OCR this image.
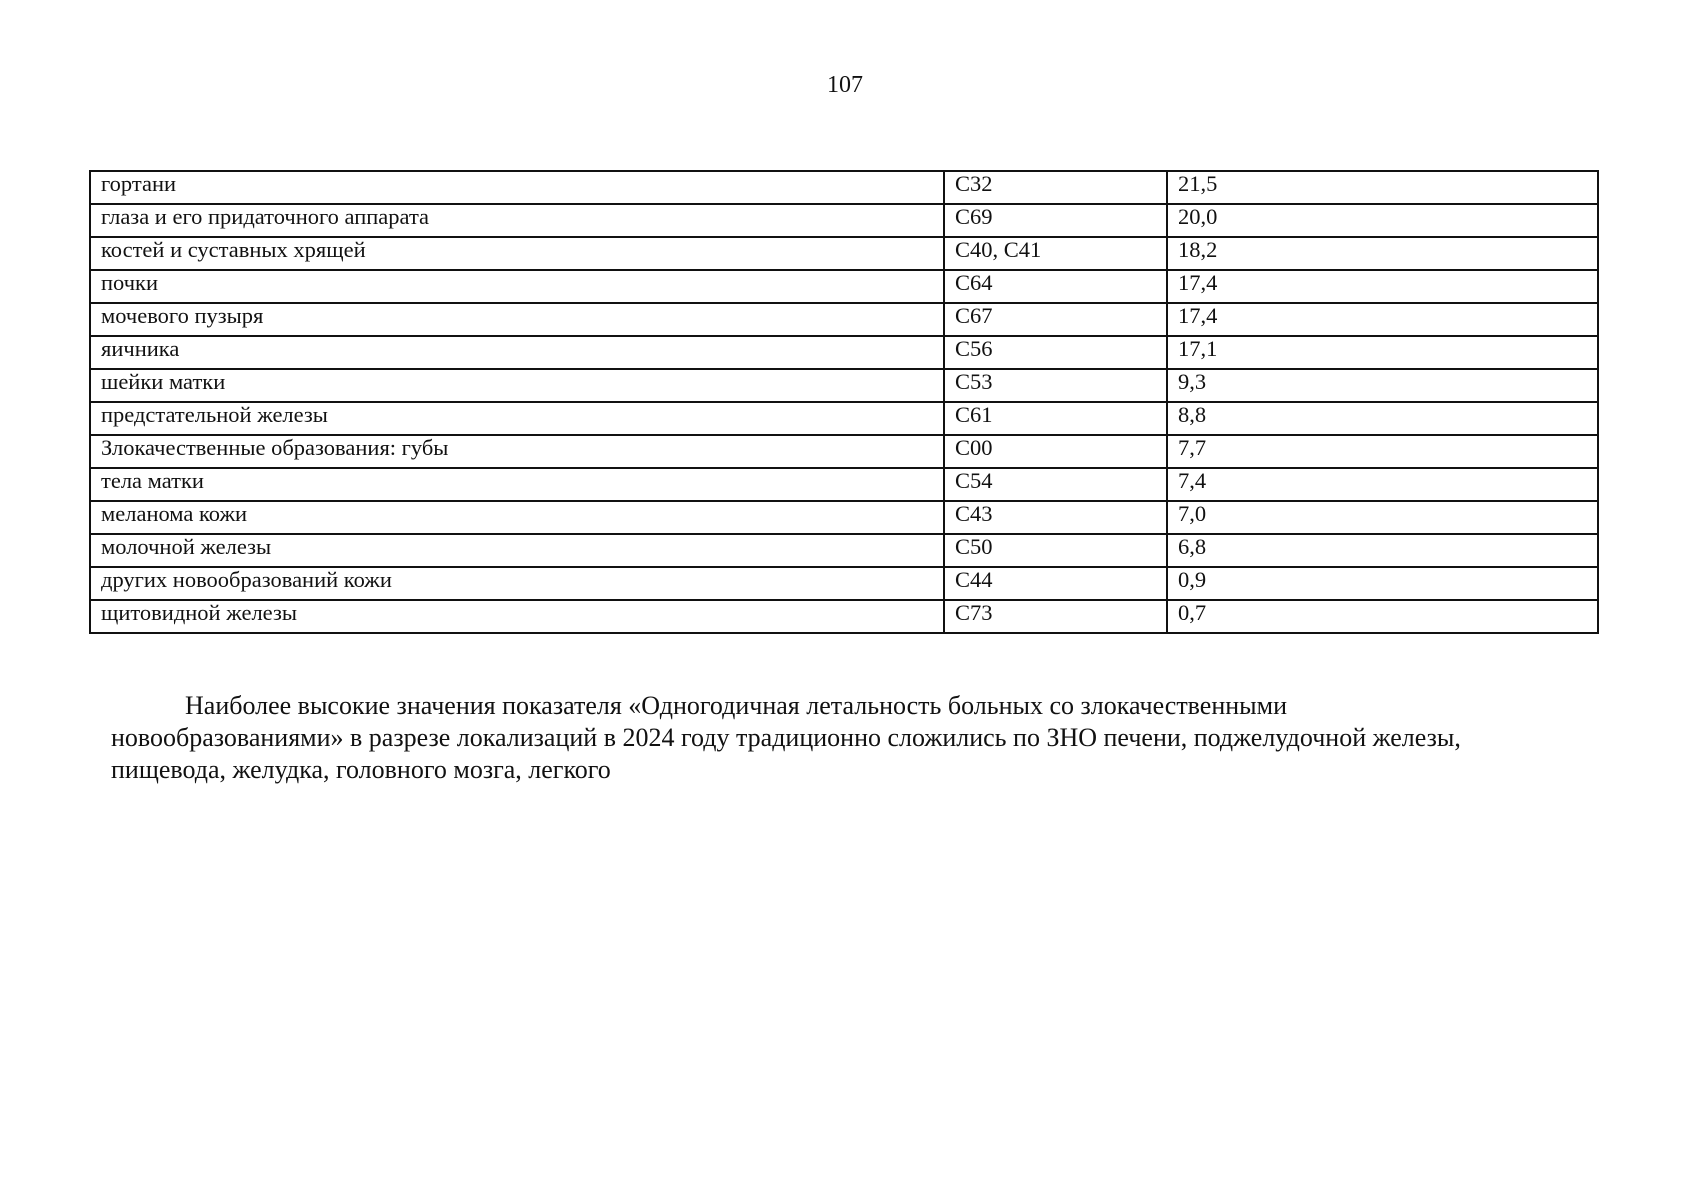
107
гортани	С32	21,5
глаза и его придаточного аппарата	С69	20,0
костей и суставных хрящей	С40, С41	18,2
почки	С64	17,4
мочевого пузыря	С67	17,4
яичника	С56	17,1
шейки матки	С53	9,3
предстательной железы	С61	8,8
Злокачественные образования: губы	С00	7,7
тела матки	С54	7,4
меланома кожи	С43	7,0
молочной железы	С50	6,8
других новообразований кожи	С44	0,9
щитовидной железы	С73	0,7

Наиболее высокие значения показателя «Одногодичная летальность больных со злокачественными новообразованиями» в разрезе локализаций в 2024 году традиционно сложились по ЗНО печени, поджелудочной железы, пищевода, желудка, головного мозга, легкого
